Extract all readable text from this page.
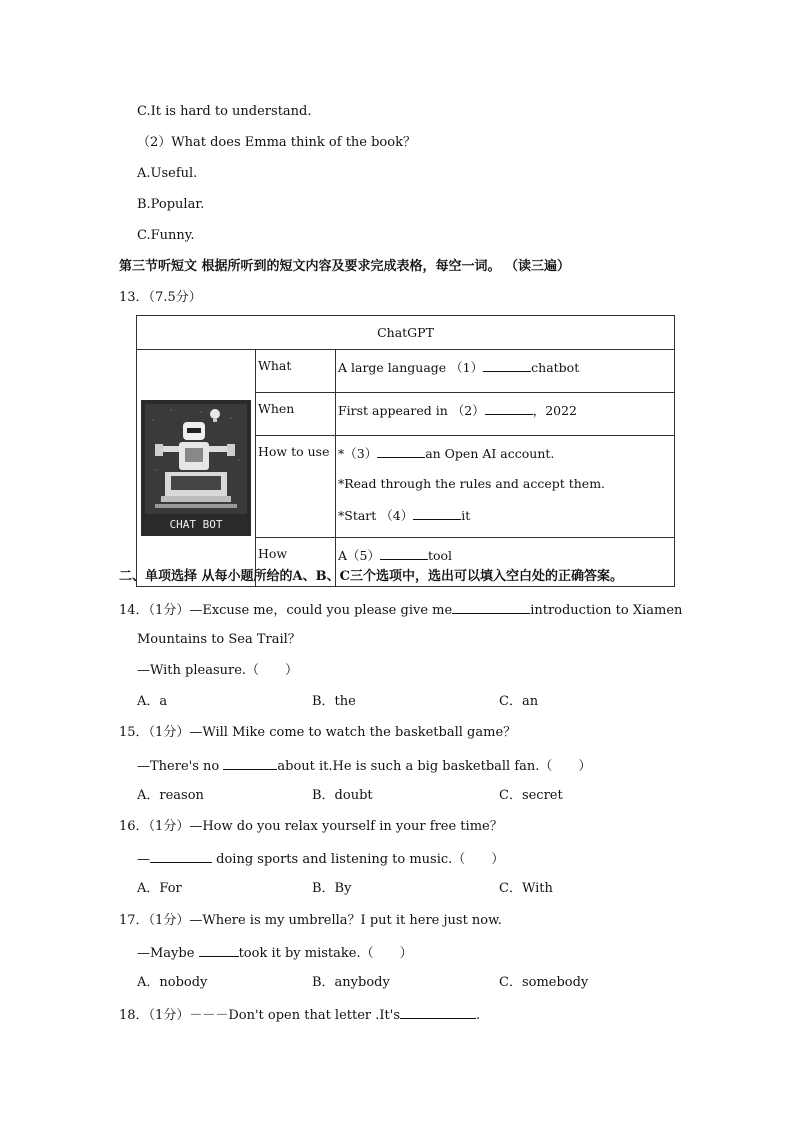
C.It is hard to understand.
（2）What does Emma think of the book？
A.Useful.
B.Popular.
C.Funny.
第三节听短文 根据所听到的短文内容及要求完成表格，每空一词。 （读三遍）
13．（7.5分）
ChatGPT		

CHAT BOT	What	A large language （1） chatbot
	When	First appeared in （2） ，2022
	How to use	*（3） an Open AI account.
*Read through the rules and accept them.
*Start （4） it

	How	A（5） tool
二、单项选择 从每小题所给的A、B、C三个选项中，选出可以填入空白处的正确答案。
14．（1分）—Excuse me，could you please give me	introduction to Xiamen
Mountains to Sea Trail？
—With pleasure.（　　）
A．a	B．the	C．an
15．（1分）—Will Mike come to watch the basketball game？
—There's no	about it.He is such a big basketball fan.（　　）
A．reason	B．doubt	C．secret
16．（1分）—How do you relax yourself in your free time？
—	doing sports and listening to music.（　　）
A．For	B．By	C．With
17．（1分）—Where is my umbrella？I put it here just now.
—Maybe	took it by mistake.（　　）
A．nobody	B．anybody	C．somebody
18．（1分）－－－Don't open that letter .It's	.
